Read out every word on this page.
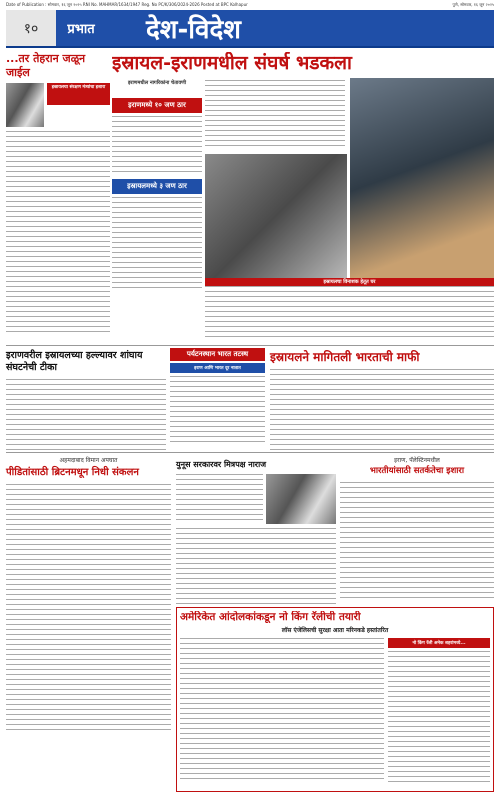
Date of Publication : सोमवार, १६ जून २०२५ RNI No. MAHMAR/1634/1947 Reg. No PC/K/306/2024-2026 Posted at BPC Kolhapur	पुणे, सोमवार, १६ जून २०२५
१०	प्रभात	देश-विदेश
...तर तेहरान जळून जाईल
इस्रायलचा संरक्षण मंत्र्यांचा इशारा
इस्रायल-इराणमधील संघर्ष भडकला
इराणमधील नागरिकांना चेतावणी
इराणमध्ये १० जण ठार
इस्रायलमध्ये ३ जण ठार
इस्रायलचा विनाशक हेतूत घर
इराणवरील इस्रायलच्या हल्ल्यावर शांघाय संघटनेची टीका
पर्यटनस्थान भारत तटस्थ
इराण आणि भारत दूर नातात
इस्रायलने मागितली भारताची माफी
अहमदाबाद विमान अपघात
पीडितांसाठी ब्रिटनमधून निधी संकलन
युनूस सरकारवर मित्रपक्ष नाराज	इराण, पॅलेस्टिनमधील
भारतीयांसाठी सतर्कतेचा इशारा
अमेरिकेत आंदोलकांकडून नो किंग रॅलीची तयारी
लॉस एंजेलिसची सुरक्षा आता मरिनकडे हस्तांतरित
नो किंग रॅली अनेक शहरांमध्ये...
